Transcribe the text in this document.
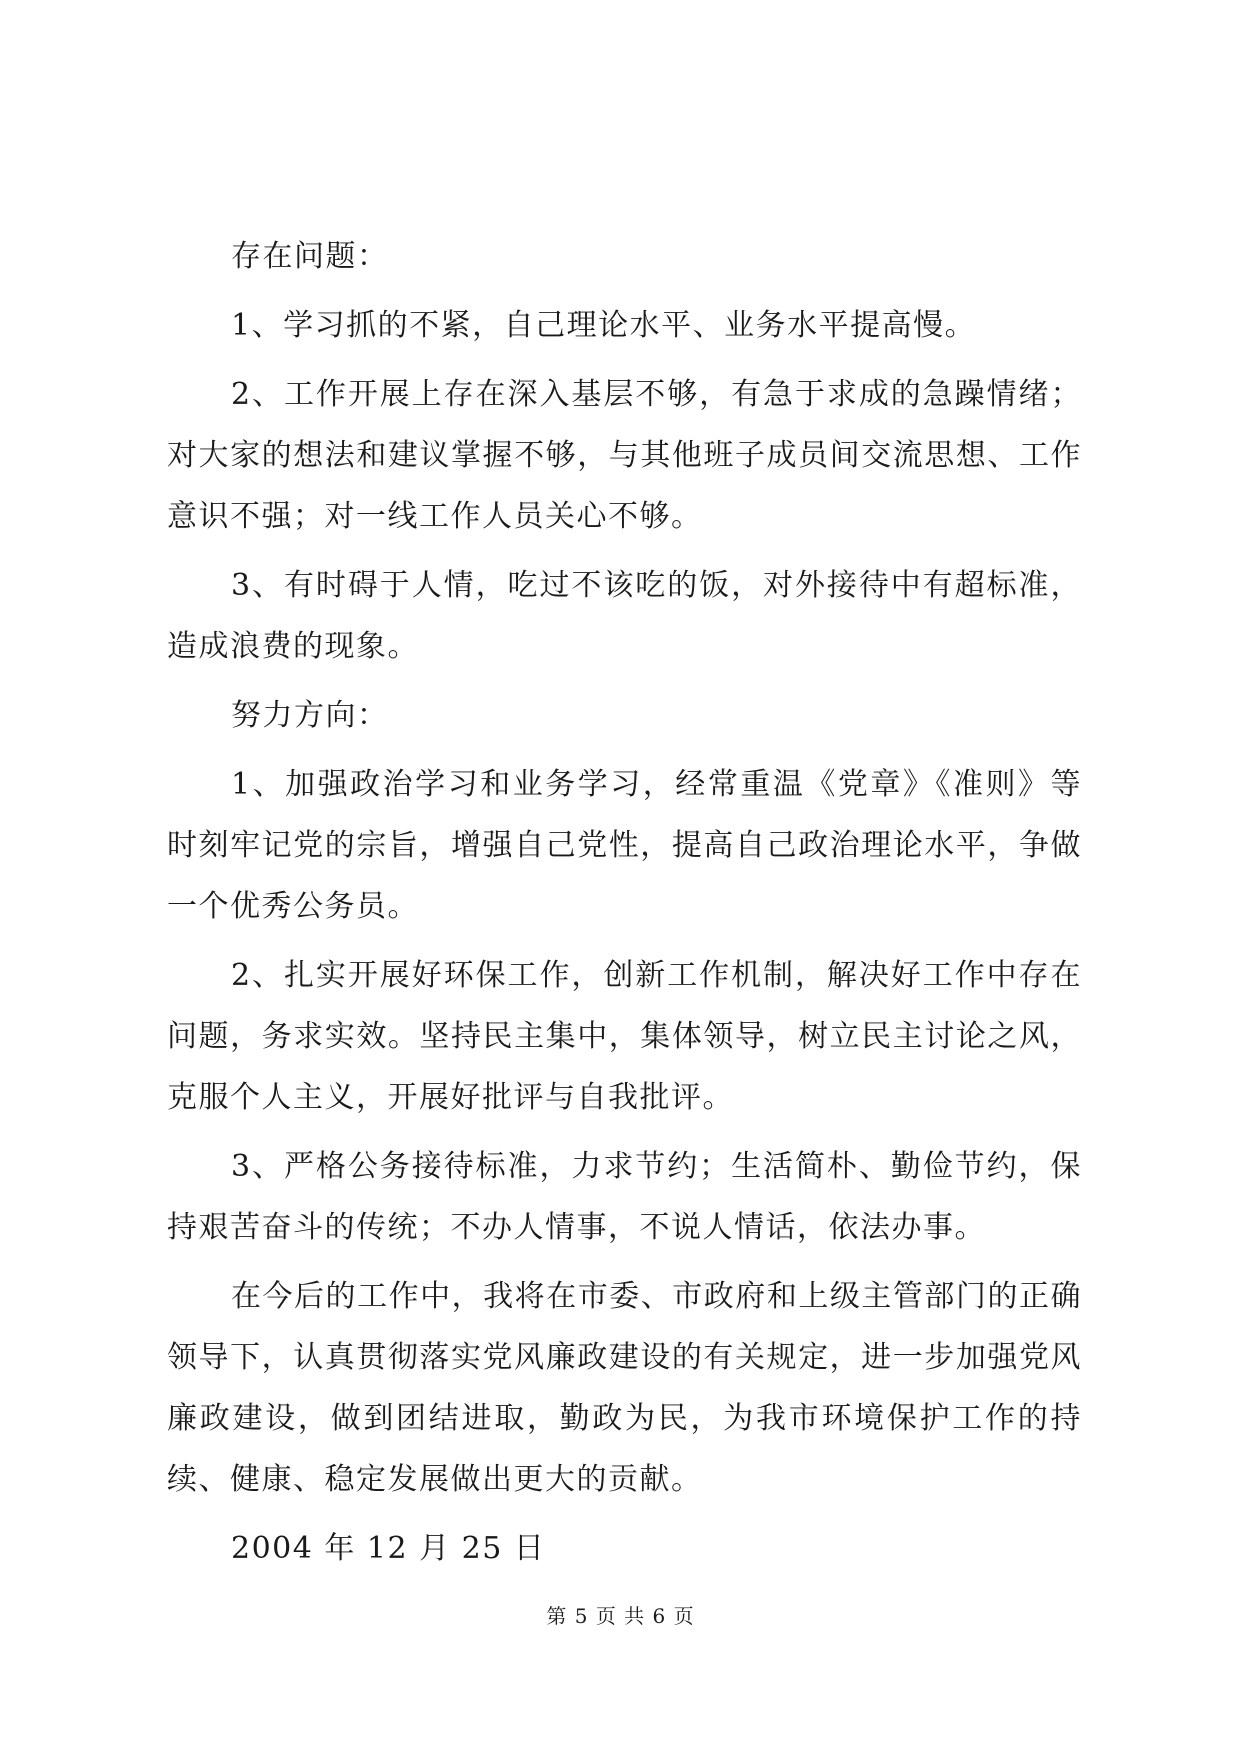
存在问题：

1、学习抓的不紧，自己理论水平、业务水平提高慢。

2、工作开展上存在深入基层不够，有急于求成的急躁情绪；对大家的想法和建议掌握不够，与其他班子成员间交流思想、工作意识不强；对一线工作人员关心不够。

3、有时碍于人情，吃过不该吃的饭，对外接待中有超标准，造成浪费的现象。

努力方向：

1、加强政治学习和业务学习，经常重温《党章》《准则》等时刻牢记党的宗旨，增强自己党性，提高自己政治理论水平，争做一个优秀公务员。

2、扎实开展好环保工作，创新工作机制，解决好工作中存在问题，务求实效。坚持民主集中，集体领导，树立民主讨论之风，克服个人主义，开展好批评与自我批评。

3、严格公务接待标准，力求节约；生活简朴、勤俭节约，保持艰苦奋斗的传统；不办人情事，不说人情话，依法办事。

在今后的工作中，我将在市委、市政府和上级主管部门的正确领导下，认真贯彻落实党风廉政建设的有关规定，进一步加强党风廉政建设，做到团结进取，勤政为民，为我市环境保护工作的持续、健康、稳定发展做出更大的贡献。

2004 年 12 月 25 日

第 5 页 共 6 页
